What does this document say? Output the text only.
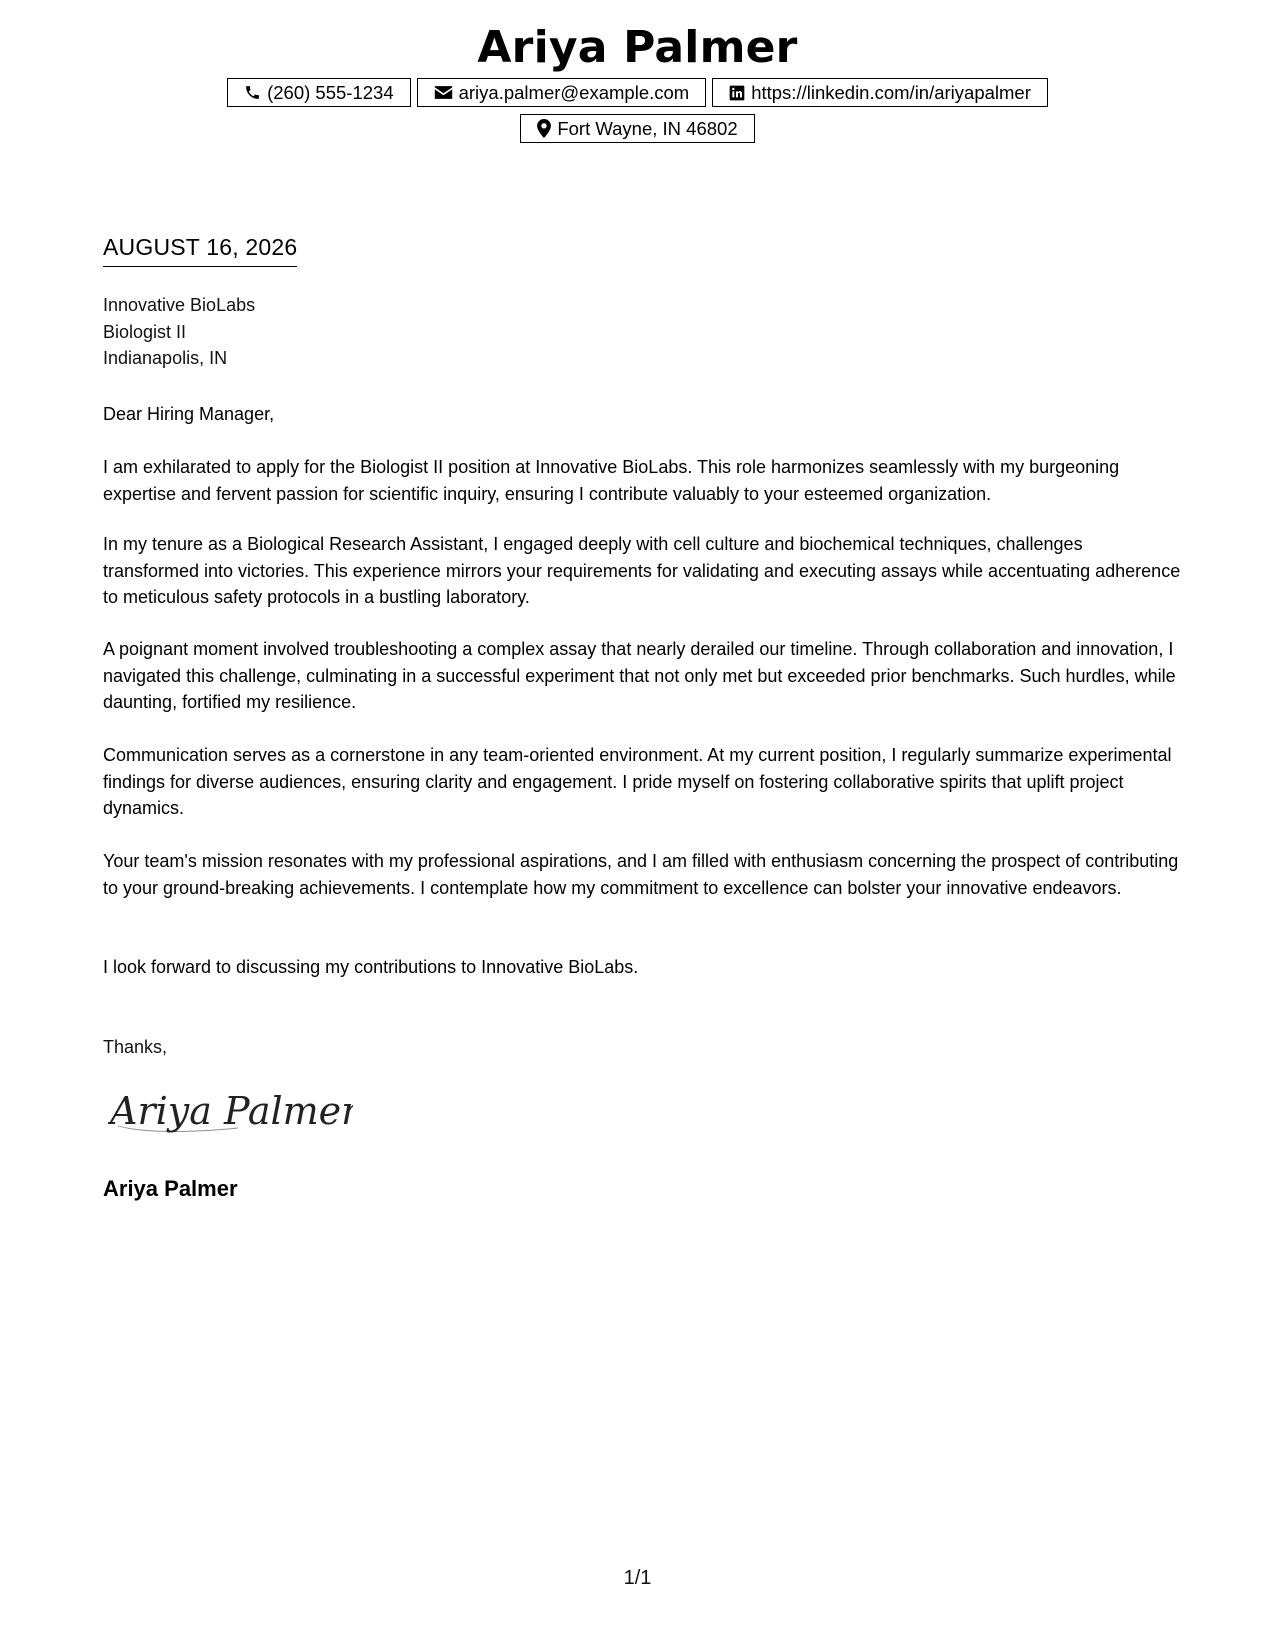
Ariya Palmer
(260) 555-1234	ariya.palmer@example.com	https://linkedin.com/in/ariyapalmer
Fort Wayne, IN 46802
AUGUST 16, 2026
Innovative BioLabs
Biologist II
Indianapolis, IN
Dear Hiring Manager,

I am exhilarated to apply for the Biologist II position at Innovative BioLabs. This role harmonizes seamlessly with my burgeoning expertise and fervent passion for scientific inquiry, ensuring I contribute valuably to your esteemed organization.

In my tenure as a Biological Research Assistant, I engaged deeply with cell culture and biochemical techniques, challenges transformed into victories. This experience mirrors your requirements for validating and executing assays while accentuating adherence to meticulous safety protocols in a bustling laboratory.

A poignant moment involved troubleshooting a complex assay that nearly derailed our timeline. Through collaboration and innovation, I navigated this challenge, culminating in a successful experiment that not only met but exceeded prior benchmarks. Such hurdles, while daunting, fortified my resilience.

Communication serves as a cornerstone in any team-oriented environment. At my current position, I regularly summarize experimental findings for diverse audiences, ensuring clarity and engagement. I pride myself on fostering collaborative spirits that uplift project dynamics.

Your team's mission resonates with my professional aspirations, and I am filled with enthusiasm concerning the prospect of contributing to your ground-breaking achievements. I contemplate how my commitment to excellence can bolster your innovative endeavors.

I look forward to discussing my contributions to Innovative BioLabs.

Thanks,
Ariya Palmer
Ariya Palmer
1/1
